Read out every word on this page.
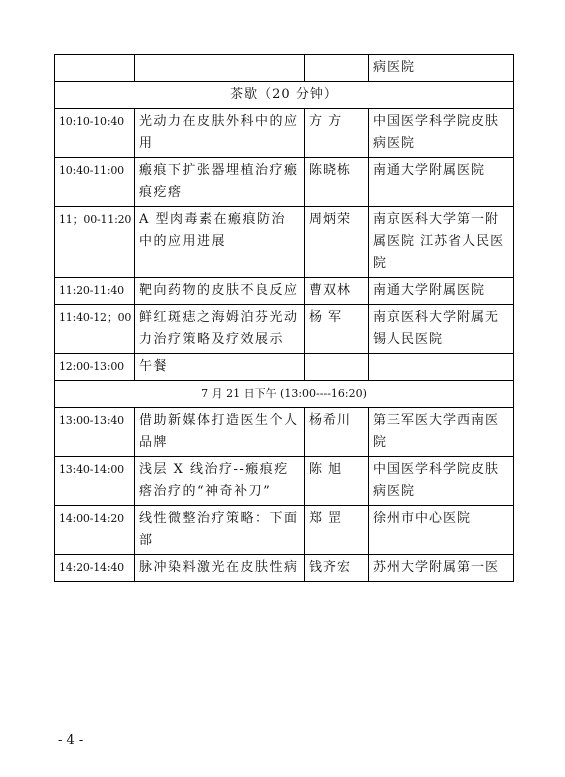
			病医院
茶歇（20 分钟）			
10:10-10:40	光动力在皮肤外科中的应用	方 方	中国医学科学院皮肤病医院
10:40-11:00	瘢痕下扩张器埋植治疗瘢痕疙瘩	陈晓栋	南通大学附属医院
11；00-11:20	A 型肉毒素在瘢痕防治中的应用进展	周炳荣	南京医科大学第一附属医院 江苏省人民医院
11:20-11:40	靶向药物的皮肤不良反应	曹双林	南通大学附属医院
11:40-12；00	鲜红斑痣之海姆泊芬光动力治疗策略及疗效展示	杨 军	南京医科大学附属无锡人民医院
12:00-13:00	午餐		
7 月 21 日下午 (13:00----16:20)			
13:00-13:40	借助新媒体打造医生个人品牌	杨希川	第三军医大学西南医院
13:40-14:00	浅层 X 线治疗--瘢痕疙瘩治疗的“神奇补刀”	陈 旭	中国医学科学院皮肤病医院
14:00-14:20	线性微整治疗策略：下面部	郑 罡	徐州市中心医院
14:20-14:40	脉冲染料激光在皮肤性病	钱齐宏	苏州大学附属第一医
- 4 -
